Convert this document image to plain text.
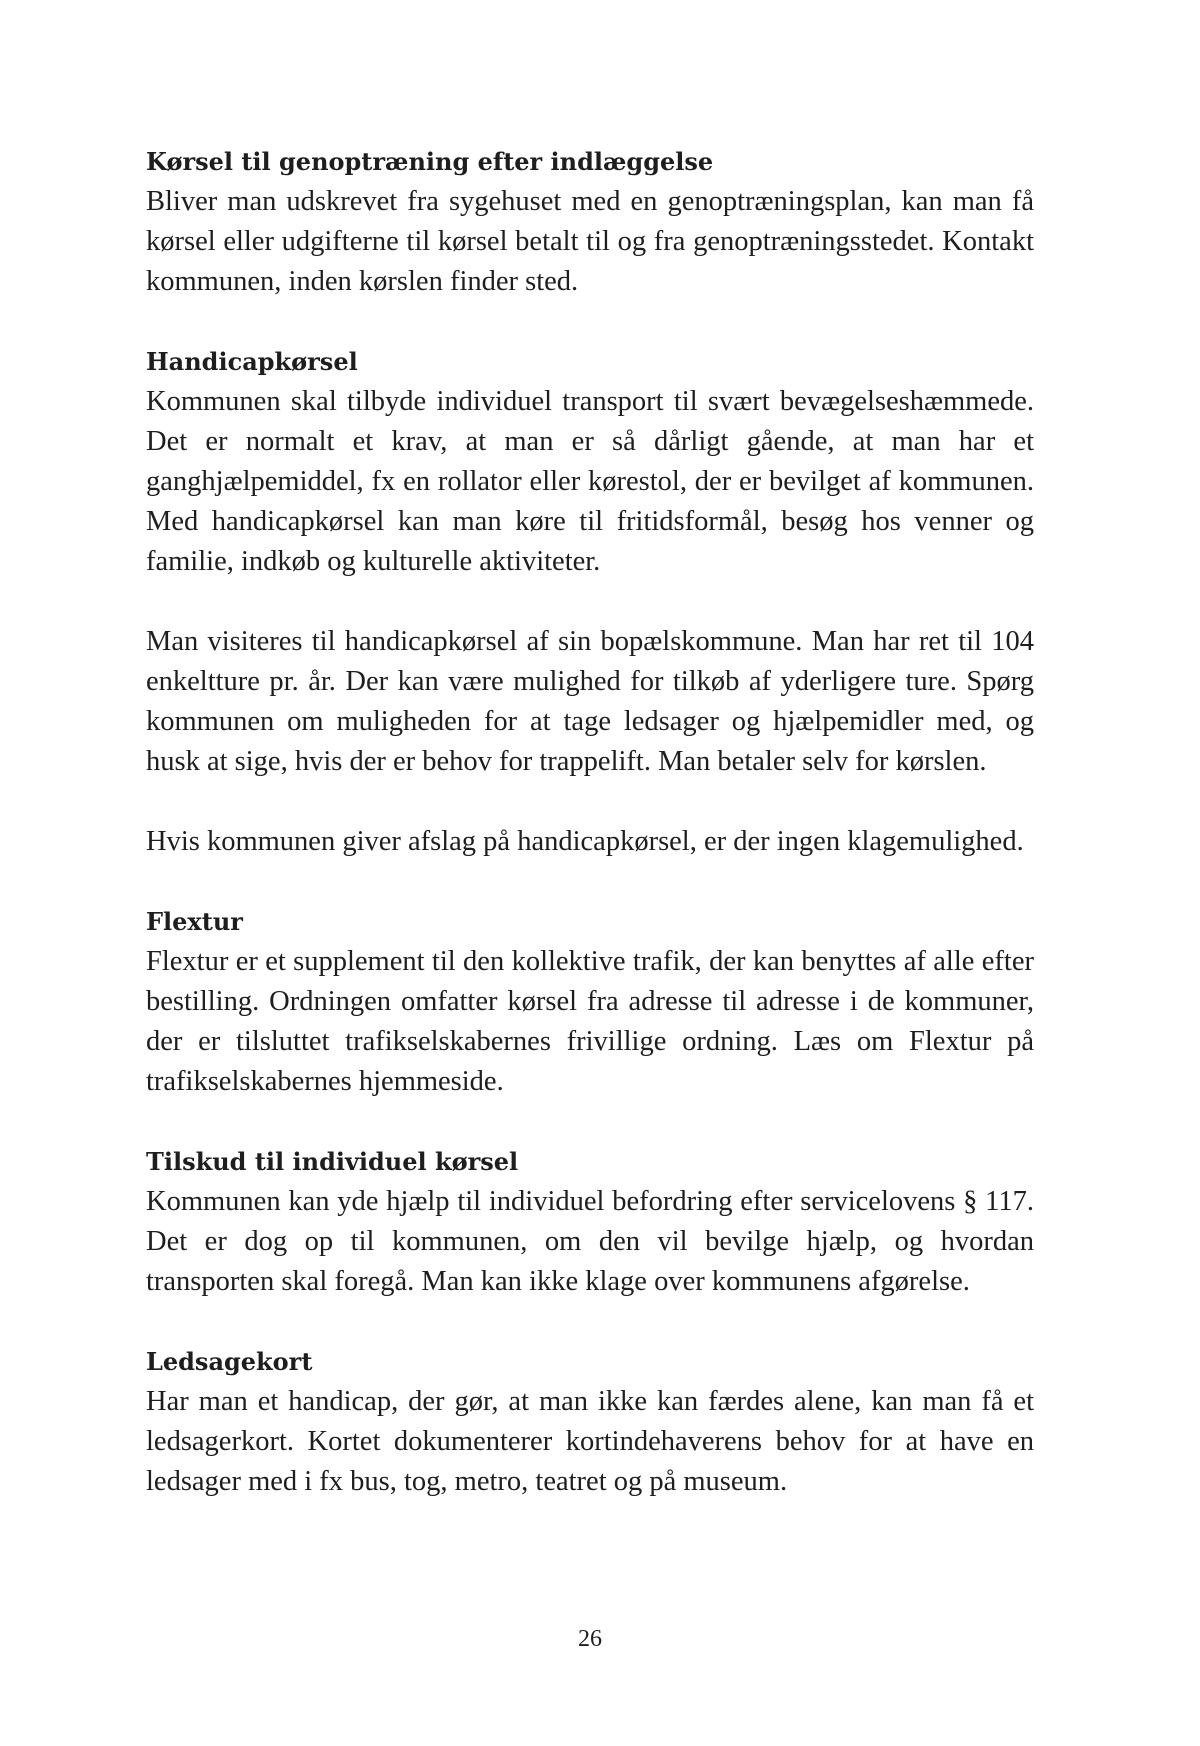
Kørsel til genoptræning efter indlæggelse

Bliver man udskrevet fra sygehuset med en genoptræningsplan, kan man få kørsel eller udgifterne til kørsel betalt til og fra genoptræningsstedet. Kontakt kommunen, inden kørslen finder sted.

Handicapkørsel

Kommunen skal tilbyde individuel transport til svært bevægelseshæmmede. Det er normalt et krav, at man er så dårligt gående, at man har et ganghjælpemiddel, fx en rollator eller kørestol, der er bevilget af kommunen. Med handicapkørsel kan man køre til fritidsformål, besøg hos venner og familie, indkøb og kulturelle aktiviteter.

Man visiteres til handicapkørsel af sin bopælskommune. Man har ret til 104 enkeltture pr. år. Der kan være mulighed for tilkøb af yderligere ture. Spørg kommunen om muligheden for at tage ledsager og hjælpemidler med, og husk at sige, hvis der er behov for trappelift. Man betaler selv for kørslen.

Hvis kommunen giver afslag på handicapkørsel, er der ingen klagemulighed.

Flextur

Flextur er et supplement til den kollektive trafik, der kan benyttes af alle efter bestilling. Ordningen omfatter kørsel fra adresse til adresse i de kommuner, der er tilsluttet trafikselskabernes frivillige ordning. Læs om Flextur på trafikselskabernes hjemmeside.

Tilskud til individuel kørsel

Kommunen kan yde hjælp til individuel befordring efter servicelovens § 117. Det er dog op til kommunen, om den vil bevilge hjælp, og hvordan transporten skal foregå. Man kan ikke klage over kommunens afgørelse.

Ledsagekort

Har man et handicap, der gør, at man ikke kan færdes alene, kan man få et ledsagerkort. Kortet dokumenterer kortindehaverens behov for at have en ledsager med i fx bus, tog, metro, teatret og på museum.

26
